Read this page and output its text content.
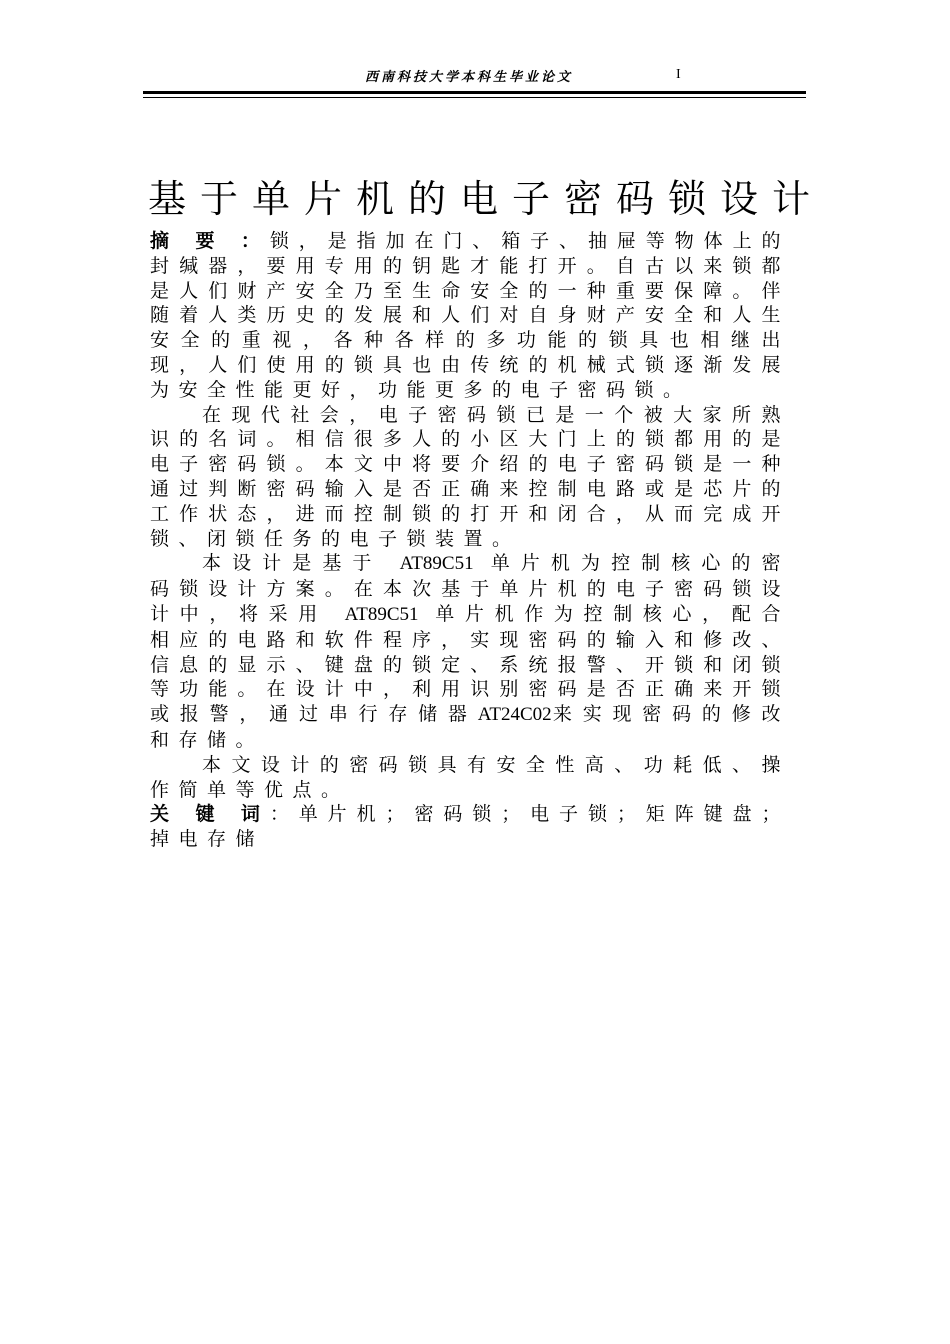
西南科技大学本科生毕业论文	I
基于单片机的电子密码锁设计

摘 要 ：锁，是指加在门、箱子、抽屉等物体上的封缄器，要用专用的钥匙才能打开。自古以来锁都是人们财产安全乃至生命安全的一种重要保障。伴随着人类历史的发展和人们对自身财产安全和人生安全的重视，各种各样的多功能的锁具也相继出现，人们使用的锁具也由传统的机械式锁逐渐发展为安全性能更好，功能更多的电子密码锁。

在现代社会，电子密码锁已是一个被大家所熟识的名词。相信很多人的小区大门上的锁都用的是电子密码锁。本文中将要介绍的电子密码锁是一种通过判断密码输入是否正确来控制电路或是芯片的工作状态，进而控制锁的打开和闭合，从而完成开锁、闭锁任务的电子锁装置。

本设计是基于 AT89C51 单片机为控制核心的密码锁设计方案。在本次基于单片机的电子密码锁设计中，将采用 AT89C51 单片机作为控制核心，配合相应的电路和软件程序，实现密码的输入和修改、信息的显示、键盘的锁定、系统报警、开锁和闭锁等功能。在设计中，利用识别密码是否正确来开锁或报警，通过串行存储器AT24C02来实现密码的修改和存储。

本文设计的密码锁具有安全性高、功耗低、操作简单等优点。

关 键 词：单片机；密码锁；电子锁；矩阵键盘；掉电存储
